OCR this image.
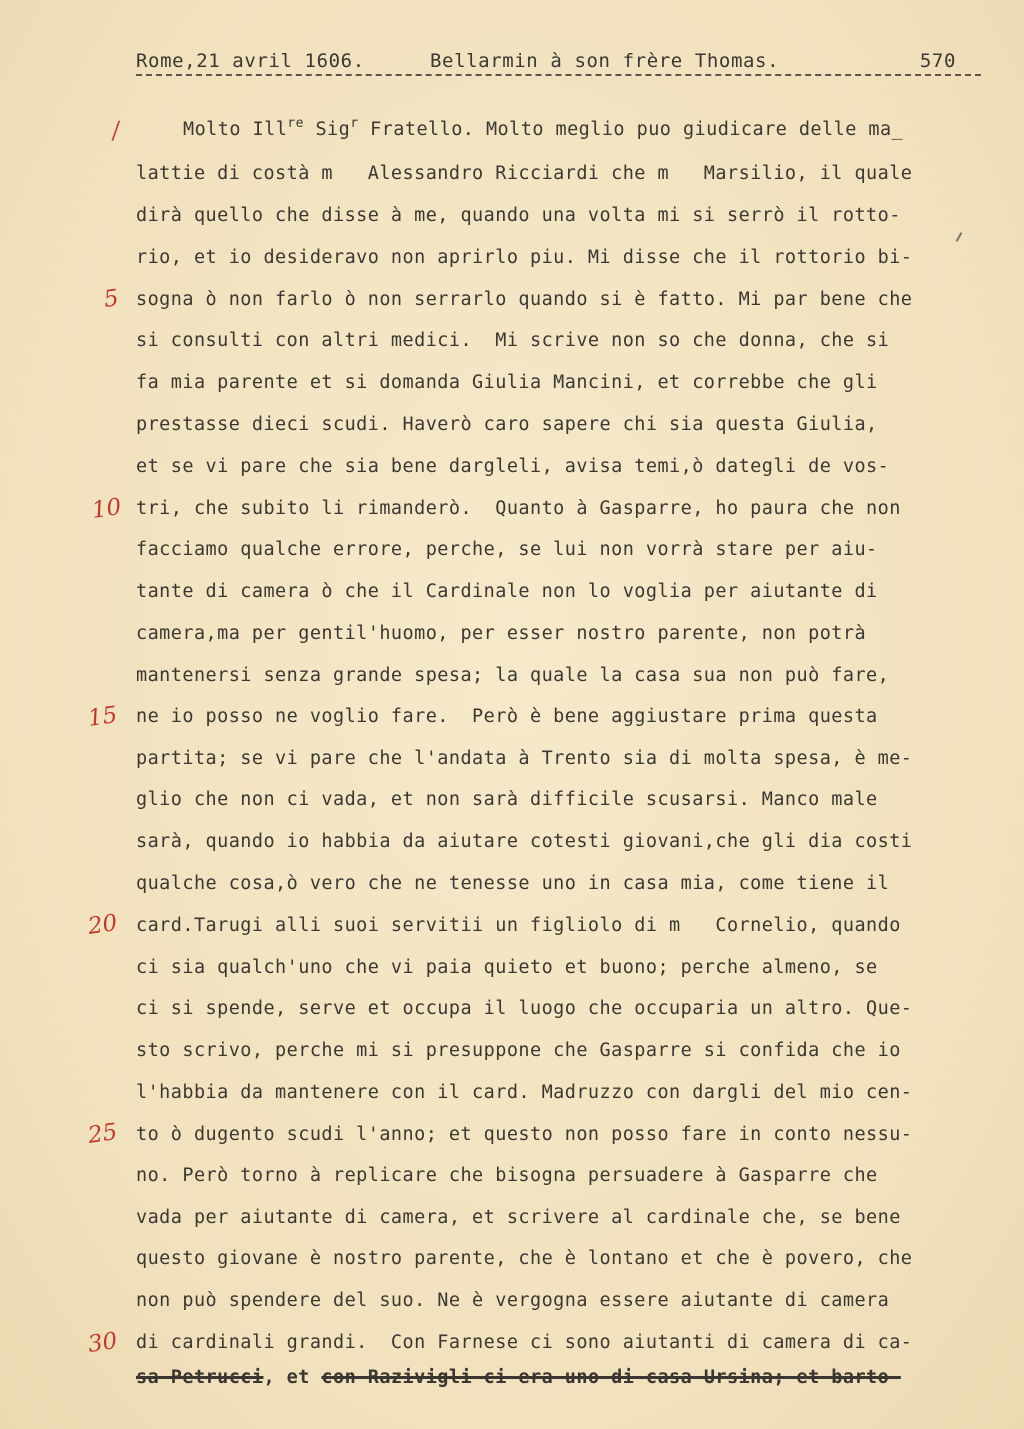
Rome,21 avril 1606.	Bellarmin à son frère Thomas.	570
/
5
10
15
20
25
30
Molto Ill$^{re}$ Sig$^r$ Fratello. Molto meglio puo giudicare delle ma_
lattie di costà m   Alessandro Ricciardi che m   Marsilio, il quale
dirà quello che disse à me, quando una volta mi si serrò il rotto-
rio, et io desideravo non aprirlo piu. Mi disse che il rottorio bi-
sogna ò non farlo ò non serrarlo quando si è fatto. Mi par bene che
si consulti con altri medici.  Mi scrive non so che donna, che si
fa mia parente et si domanda Giulia Mancini, et correbbe che gli
prestasse dieci scudi. Haverò caro sapere chi sia questa Giulia,
et se vi pare che sia bene dargleli, avisa temi,ò dategli de vos-
tri, che subito li rimanderò.  Quanto à Gasparre, ho paura che non
facciamo qualche errore, perche, se lui non vorrà stare per aiu-
tante di camera ò che il Cardinale non lo voglia per aiutante di
camera,ma per gentil'huomo, per esser nostro parente, non potrà
mantenersi senza grande spesa; la quale la casa sua non può fare,
ne io posso ne voglio fare.  Però è bene aggiustare prima questa
partita; se vi pare che l'andata à Trento sia di molta spesa, è me-
glio che non ci vada, et non sarà difficile scusarsi. Manco male
sarà, quando io habbia da aiutare cotesti giovani,che gli dia costi
qualche cosa,ò vero che ne tenesse uno in casa mia, come tiene il
card.Tarugi alli suoi servitii un figliolo di m   Cornelio, quando
ci sia qualch'uno che vi paia quieto et buono; perche almeno, se
ci si spende, serve et occupa il luogo che occuparia un altro. Que-
sto scrivo, perche mi si presuppone che Gasparre si confida che io
l'habbia da mantenere con il card. Madruzzo con dargli del mio cen-
to ò dugento scudi l'anno; et questo non posso fare in conto nessu-
no. Però torno à replicare che bisogna persuadere à Gasparre che
vada per aiutante di camera, et scrivere al cardinale che, se bene
questo giovane è nostro parente, che è lontano et che è povero, che
non può spendere del suo. Ne è vergogna essere aiutante di camera
di cardinali grandi.  Con Farnese ci sono aiutanti di camera di ca-
sa Petrucci, et con Razivigli ci era uno di casa Ursina; et barto-
